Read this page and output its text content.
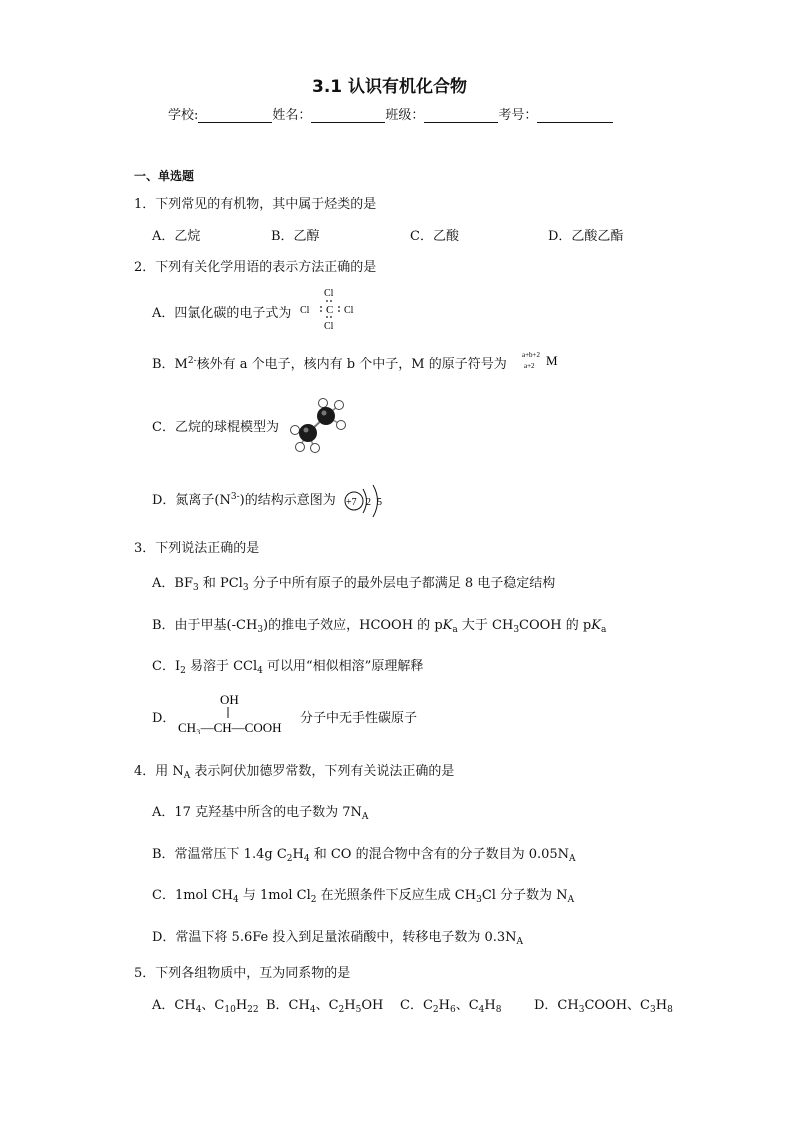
3.1 认识有机化合物
学校:	姓名：	班级：	考号：
一、单选题
1．下列常见的有机物，其中属于烃类的是
A．乙烷	B．乙醇	C．乙酸	D．乙酸乙酯
2．下列有关化学用语的表示方法正确的是
A．四氯化碳的电子式为
Cl
Cl C Cl
Cl
B．$M^{2-}$核外有 a 个电子，核内有 b 个中子，M 的原子符号为
a+b+2
a+2 M
C．乙烷的球棍模型为
D．氮离子$(N^{3-})$的结构示意图为 +7 2 5
3．下列说法正确的是
A．$BF_3$ 和 PCl$_3$ 分子中所有原子的最外层电子都满足 8 电子稳定结构
B．由于甲基$(-CH_3)$的推电子效应，HCOOH 的 $pK_a$ 大于 $CH_3COOH$ 的 $pK_a$
C．$I_2$ 易溶于 CCl$_4$ 可以用“相似相溶”原理解释
D．
OH
CH₃—CH—COOH
分子中无手性碳原子
4．用 $N_A$ 表示阿伏加德罗常数，下列有关说法正确的是
A．17 克羟基中所含的电子数为 $7N_A$
B．常温常压下 1.4g $C_2H_4$ 和 CO 的混合物中含有的分子数目为 $0.05N_A$
C．1mol $CH_4$ 与 1mol $Cl_2$ 在光照条件下反应生成 $CH_3Cl$ 分子数为 $N_A$
D．常温下将 5.6Fe 投入到足量浓硝酸中，转移电子数为 $0.3N_A$
5．下列各组物质中，互为同系物的是
A．$CH_4$、$C_{10}H_{22}$ B．$CH_4$、$C_2H_5OH$ C．$C_2H_6$、$C_4H_8$	D．$CH_3COOH$、$C_3H_8$
